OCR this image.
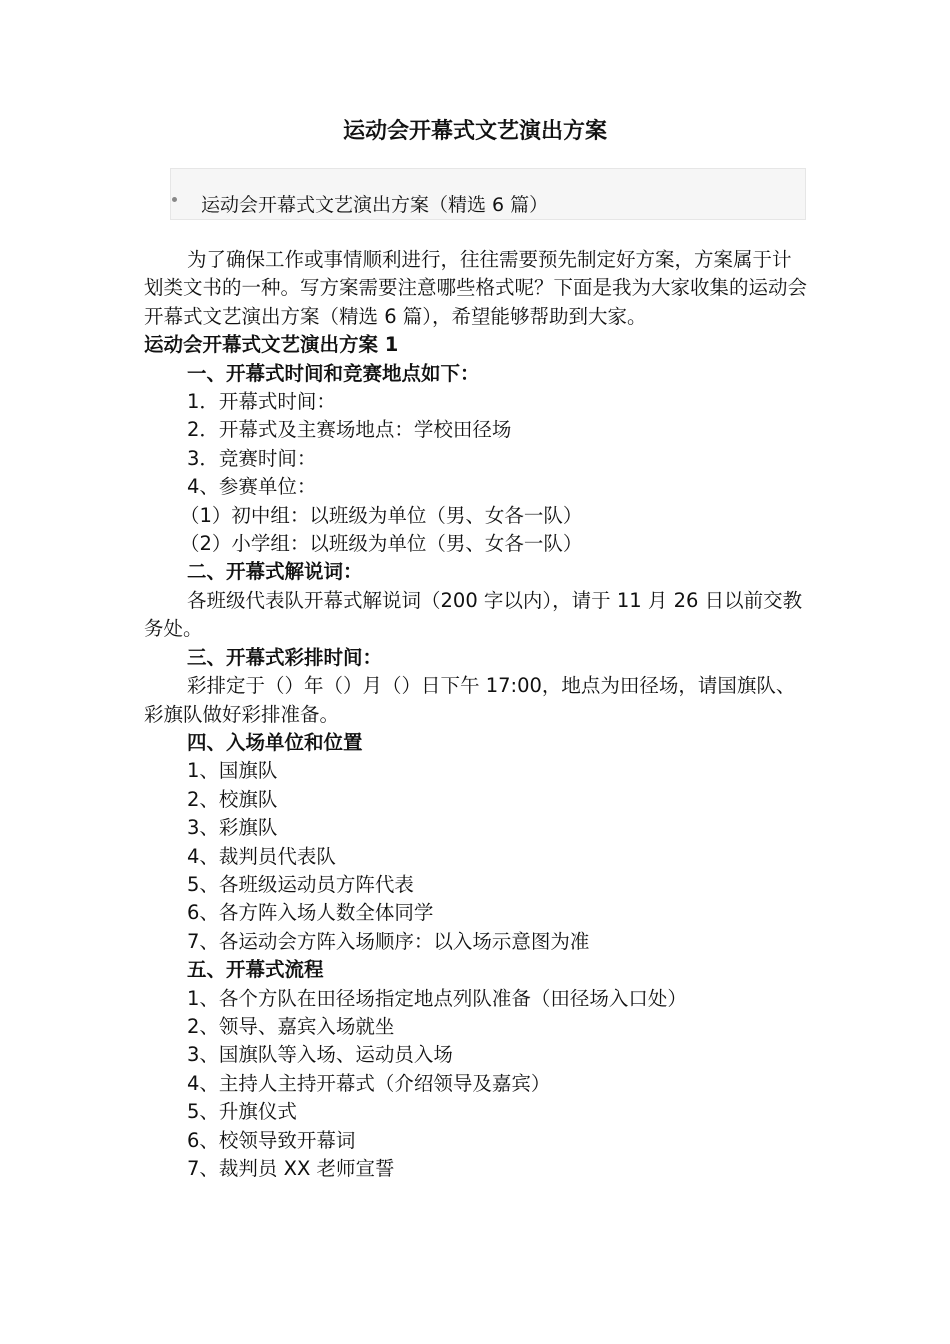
运动会开幕式文艺演出方案
运动会开幕式文艺演出方案（精选 6 篇）

为了确保工作或事情顺利进行，往往需要预先制定好方案，方案属于计划类文书的一种。写方案需要注意哪些格式呢？下面是我为大家收集的运动会开幕式文艺演出方案（精选 6 篇），希望能够帮助到大家。

运动会开幕式文艺演出方案 1

一、开幕式时间和竞赛地点如下：

1．开幕式时间：

2．开幕式及主赛场地点：学校田径场

3．竞赛时间：

4、参赛单位：

（1）初中组：以班级为单位（男、女各一队）

（2）小学组：以班级为单位（男、女各一队）

二、开幕式解说词：

各班级代表队开幕式解说词（200 字以内），请于 11 月 26 日以前交教务处。

三、开幕式彩排时间：

彩排定于（）年（）月（）日下午 17:00，地点为田径场，请国旗队、彩旗队做好彩排准备。

四、入场单位和位置

1、国旗队

2、校旗队

3、彩旗队

4、裁判员代表队

5、各班级运动员方阵代表

6、各方阵入场人数全体同学

7、各运动会方阵入场顺序：以入场示意图为准

五、开幕式流程

1、各个方队在田径场指定地点列队准备（田径场入口处）

2、领导、嘉宾入场就坐

3、国旗队等入场、运动员入场

4、主持人主持开幕式（介绍领导及嘉宾）

5、升旗仪式

6、校领导致开幕词

7、裁判员 XX 老师宣誓
